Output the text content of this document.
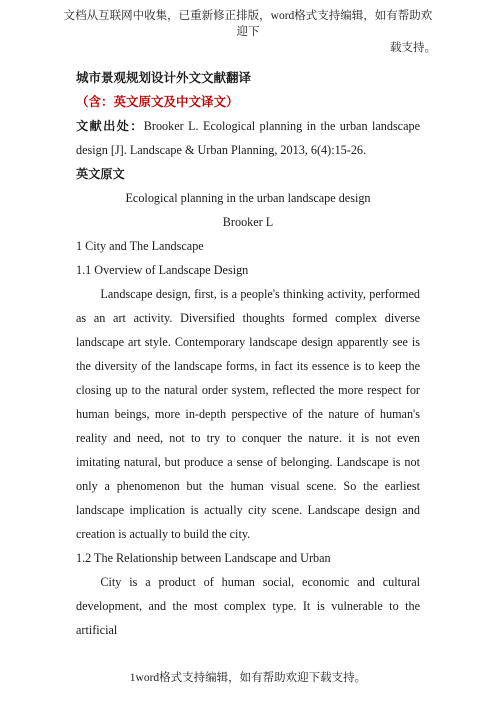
文档从互联网中收集，已重新修正排版，word格式支持编辑，如有帮助欢迎下
载支持。

城市景观规划设计外文文献翻译

（含：英文原文及中文译文）

文献出处：Brooker L. Ecological planning in the urban landscape design [J]. Landscape & Urban Planning, 2013, 6(4):15-26.

英文原文

Ecological planning in the urban landscape design

Brooker L

1 City and The Landscape

1.1 Overview of Landscape Design

Landscape design, first, is a people's thinking activity, performed as an art activity. Diversified thoughts formed complex diverse landscape art style. Contemporary landscape design apparently see is the diversity of the landscape forms, in fact its essence is to keep the closing up to the natural order system, reflected the more respect for human beings, more in-depth perspective of the nature of human's reality and need, not to try to conquer the nature. it is not even imitating natural, but produce a sense of belonging. Landscape is not only a phenomenon but the human visual scene. So the earliest landscape implication is actually city scene. Landscape design and creation is actually to build the city.

1.2 The Relationship between Landscape and Urban

City is a product of human social, economic and cultural development, and the most complex type. It is vulnerable to the artificial

1word格式支持编辑，如有帮助欢迎下载支持。
